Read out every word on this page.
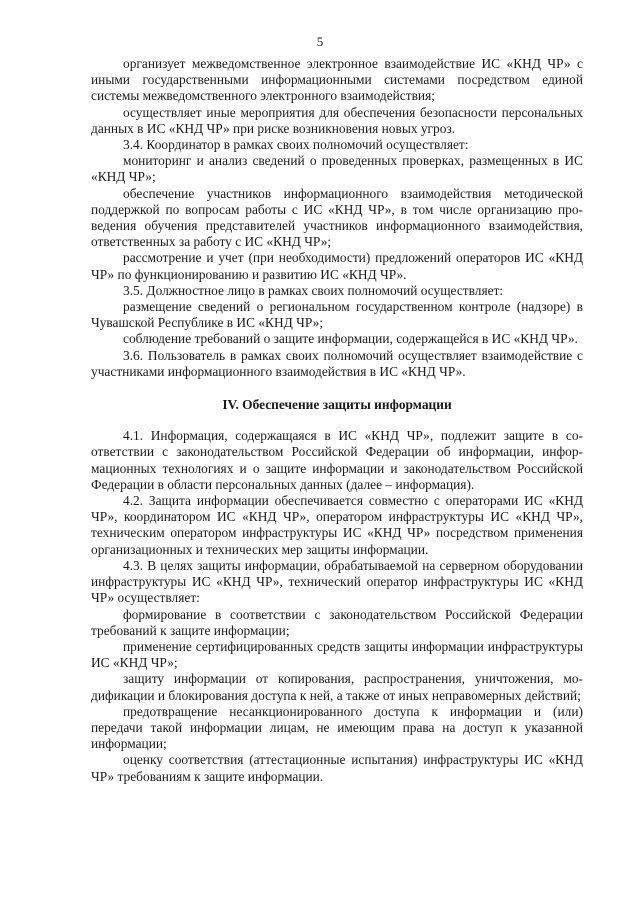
5

организует межведомственное электронное взаимодействие ИС «КНД ЧР» с иными государственными информационными системами посредством единой системы межведомственного электронного взаимодействия;

осуществляет иные мероприятия для обеспечения безопасности персональных данных в ИС «КНД ЧР» при риске возникновения новых угроз.

3.4. Координатор в рамках своих полномочий осуществляет:

мониторинг и анализ сведений о проведенных проверках, размещенных в ИС «КНД ЧР»;

обеспечение участников информационного взаимодействия методической поддержкой по вопросам работы с ИС «КНД ЧР», в том числе организацию проведения обучения представителей участников информационного взаимодействия, ответственных за работу с ИС «КНД ЧР»;

рассмотрение и учет (при необходимости) предложений операторов ИС «КНД ЧР» по функционированию и развитию ИС «КНД ЧР».

3.5. Должностное лицо в рамках своих полномочий осуществляет:

размещение сведений о региональном государственном контроле (надзоре) в Чувашской Республике в ИС «КНД ЧР»;

соблюдение требований о защите информации, содержащейся в ИС «КНД ЧР».

3.6. Пользователь в рамках своих полномочий осуществляет взаимодействие с участниками информационного взаимодействия в ИС «КНД ЧР».

IV. Обеспечение защиты информации

4.1. Информация, содержащаяся в ИС «КНД ЧР», подлежит защите в соответствии с законодательством Российской Федерации об информации, информационных технологиях и о защите информации и законодательством Российской Федерации в области персональных данных (далее – информация).

4.2. Защита информации обеспечивается совместно с операторами ИС «КНД ЧР», координатором ИС «КНД ЧР», оператором инфраструктуры ИС «КНД ЧР», техническим оператором инфраструктуры ИС «КНД ЧР» посредством применения организационных и технических мер защиты информации.

4.3. В целях защиты информации, обрабатываемой на серверном оборудовании инфраструктуры ИС «КНД ЧР», технический оператор инфраструктуры ИС «КНД ЧР» осуществляет:

формирование в соответствии с законодательством Российской Федерации требований к защите информации;

применение сертифицированных средств защиты информации инфраструктуры ИС «КНД ЧР»;

защиту информации от копирования, распространения, уничтожения, модификации и блокирования доступа к ней, а также от иных неправомерных действий;

предотвращение несанкционированного доступа к информации и (или) передачи такой информации лицам, не имеющим права на доступ к указанной информации;

оценку соответствия (аттестационные испытания) инфраструктуры ИС «КНД ЧР» требованиям к защите информации.
